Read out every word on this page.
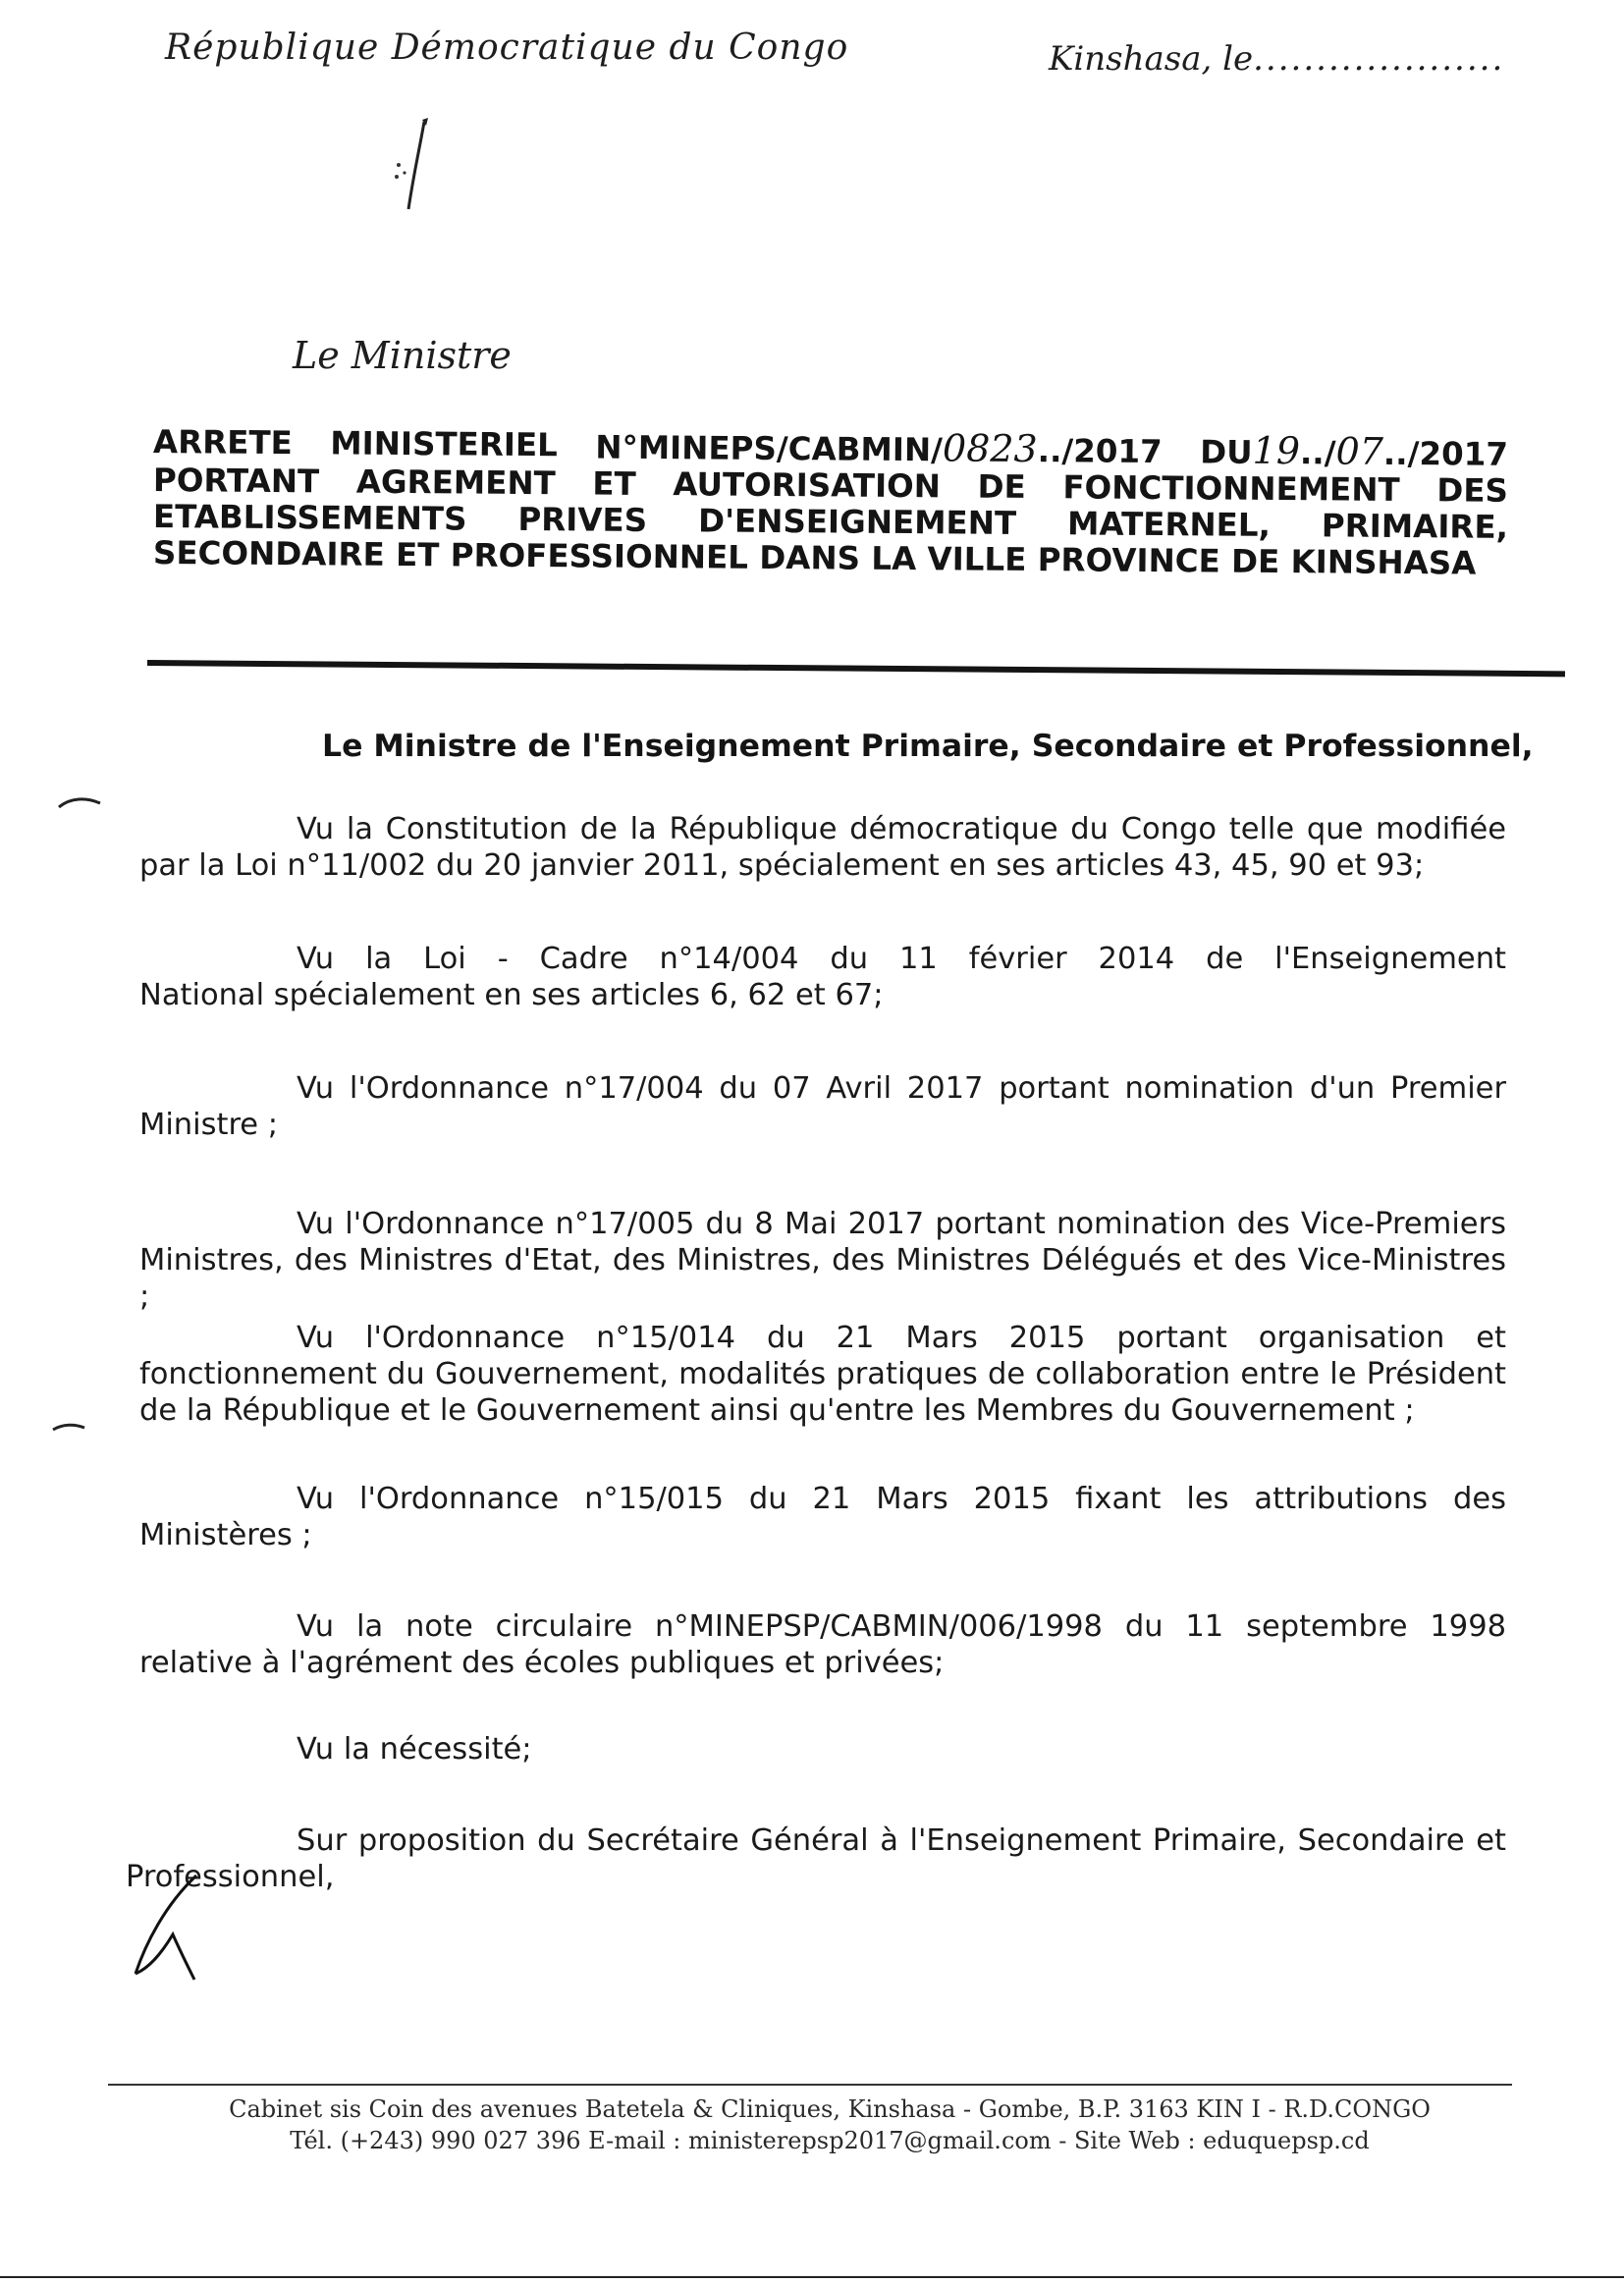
République Démocratique du Congo	Kinshasa, le....................
Le Ministre
ARRETE MINISTERIEL N°MINEPS/CABMIN/0823../2017 DU19../07../2017
PORTANT AGREMENT ET AUTORISATION DE FONCTIONNEMENT DES
ETABLISSEMENTS PRIVES D'ENSEIGNEMENT MATERNEL, PRIMAIRE,
SECONDAIRE ET PROFESSIONNEL DANS LA VILLE PROVINCE DE KINSHASA
Le Ministre de l'Enseignement Primaire, Secondaire et Professionnel,
Vu la Constitution de la République démocratique du Congo telle que modifiée
par la Loi n°11/002 du 20 janvier 2011, spécialement en ses articles 43, 45, 90 et 93;
Vu la Loi - Cadre n°14/004 du 11 février 2014 de l'Enseignement
National spécialement en ses articles 6, 62 et 67;
Vu l'Ordonnance n°17/004 du 07 Avril 2017 portant nomination d'un Premier
Ministre ;
Vu l'Ordonnance n°17/005 du 8 Mai 2017 portant nomination des Vice-Premiers
Ministres, des Ministres d'Etat, des Ministres, des Ministres Délégués et des Vice-Ministres ;
Vu l'Ordonnance n°15/014 du 21 Mars 2015 portant organisation et
fonctionnement du Gouvernement, modalités pratiques de collaboration entre le Président
de la République et le Gouvernement ainsi qu'entre les Membres du Gouvernement ;
Vu l'Ordonnance n°15/015 du 21 Mars 2015 fixant les attributions des
Ministères ;
Vu la note circulaire n°MINEPSP/CABMIN/006/1998 du 11 septembre 1998
relative à l'agrément des écoles publiques et privées;
Vu la nécessité;
Sur proposition du Secrétaire Général à l'Enseignement Primaire, Secondaire et
Professionnel,
Cabinet sis Coin des avenues Batetela & Cliniques, Kinshasa - Gombe, B.P. 3163 KIN I - R.D.CONGO
Tél. (+243) 990 027 396 E-mail : ministerepsp2017@gmail.com - Site Web : eduquepsp.cd
